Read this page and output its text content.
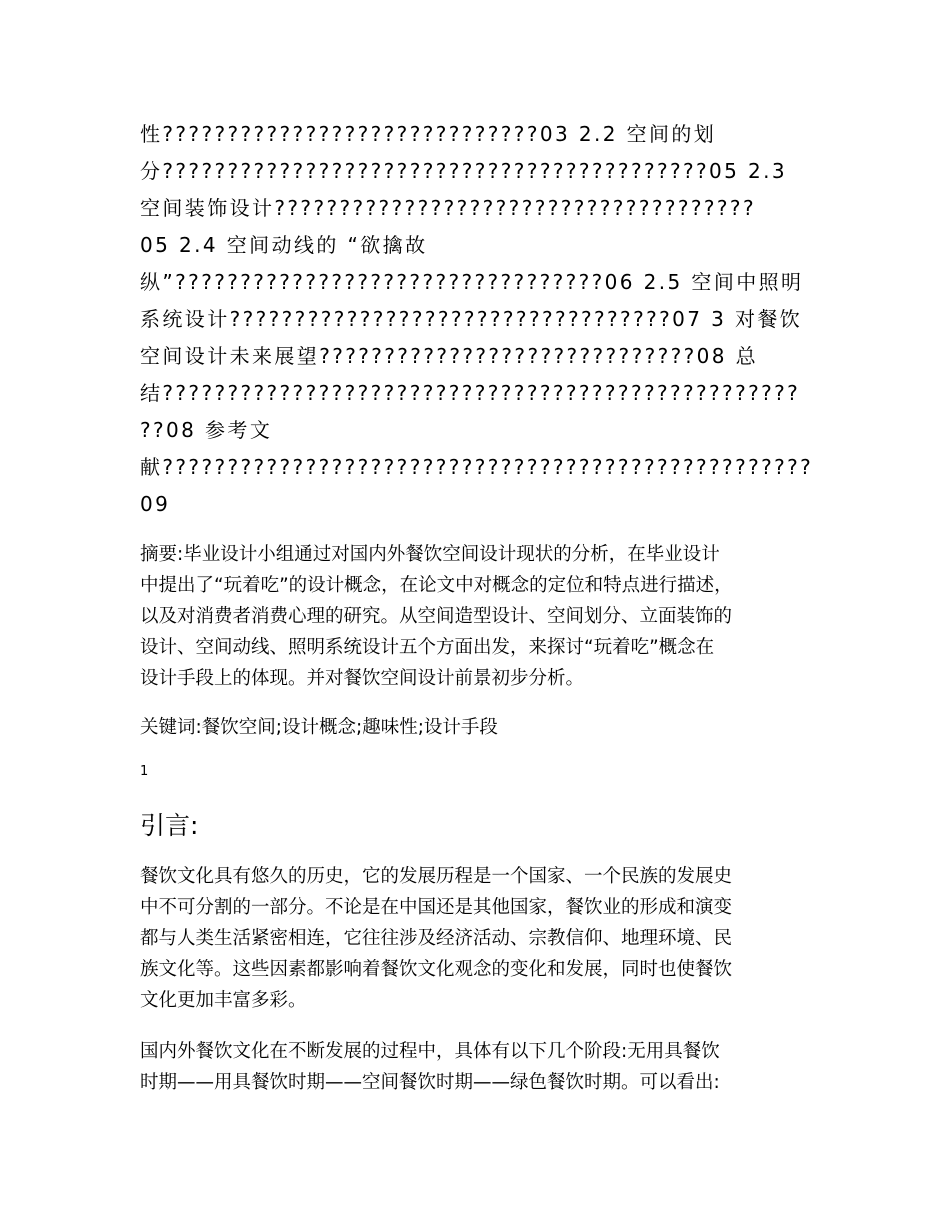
性?????????????????????????????03 2.2 空间的划
分??????????????????????????????????????????05 2.3
空间装饰设计?????????????????????????????????????
05 2.4 空间动线的 “欲擒故
纵”?????????????????????????????????06 2.5 空间中照明
系统设计??????????????????????????????????07 3 对餐饮
空间设计未来展望?????????????????????????????08 总
结?????????????????????????????????????????????????
??08 参考文
献??????????????????????????????????????????????????
09
摘要:毕业设计小组通过对国内外餐饮空间设计现状的分析，在毕业设计
中提出了“玩着吃”的设计概念，在论文中对概念的定位和特点进行描述，
以及对消费者消费心理的研究。从空间造型设计、空间划分、立面装饰的
设计、空间动线、照明系统设计五个方面出发，来探讨“玩着吃”概念在
设计手段上的体现。并对餐饮空间设计前景初步分析。
关键词:餐饮空间;设计概念;趣味性;设计手段
1
引言:
餐饮文化具有悠久的历史，它的发展历程是一个国家、一个民族的发展史
中不可分割的一部分。不论是在中国还是其他国家，餐饮业的形成和演变
都与人类生活紧密相连，它往往涉及经济活动、宗教信仰、地理环境、民
族文化等。这些因素都影响着餐饮文化观念的变化和发展，同时也使餐饮
文化更加丰富多彩。
国内外餐饮文化在不断发展的过程中，具体有以下几个阶段:无用具餐饮
时期——用具餐饮时期——空间餐饮时期——绿色餐饮时期。可以看出:
